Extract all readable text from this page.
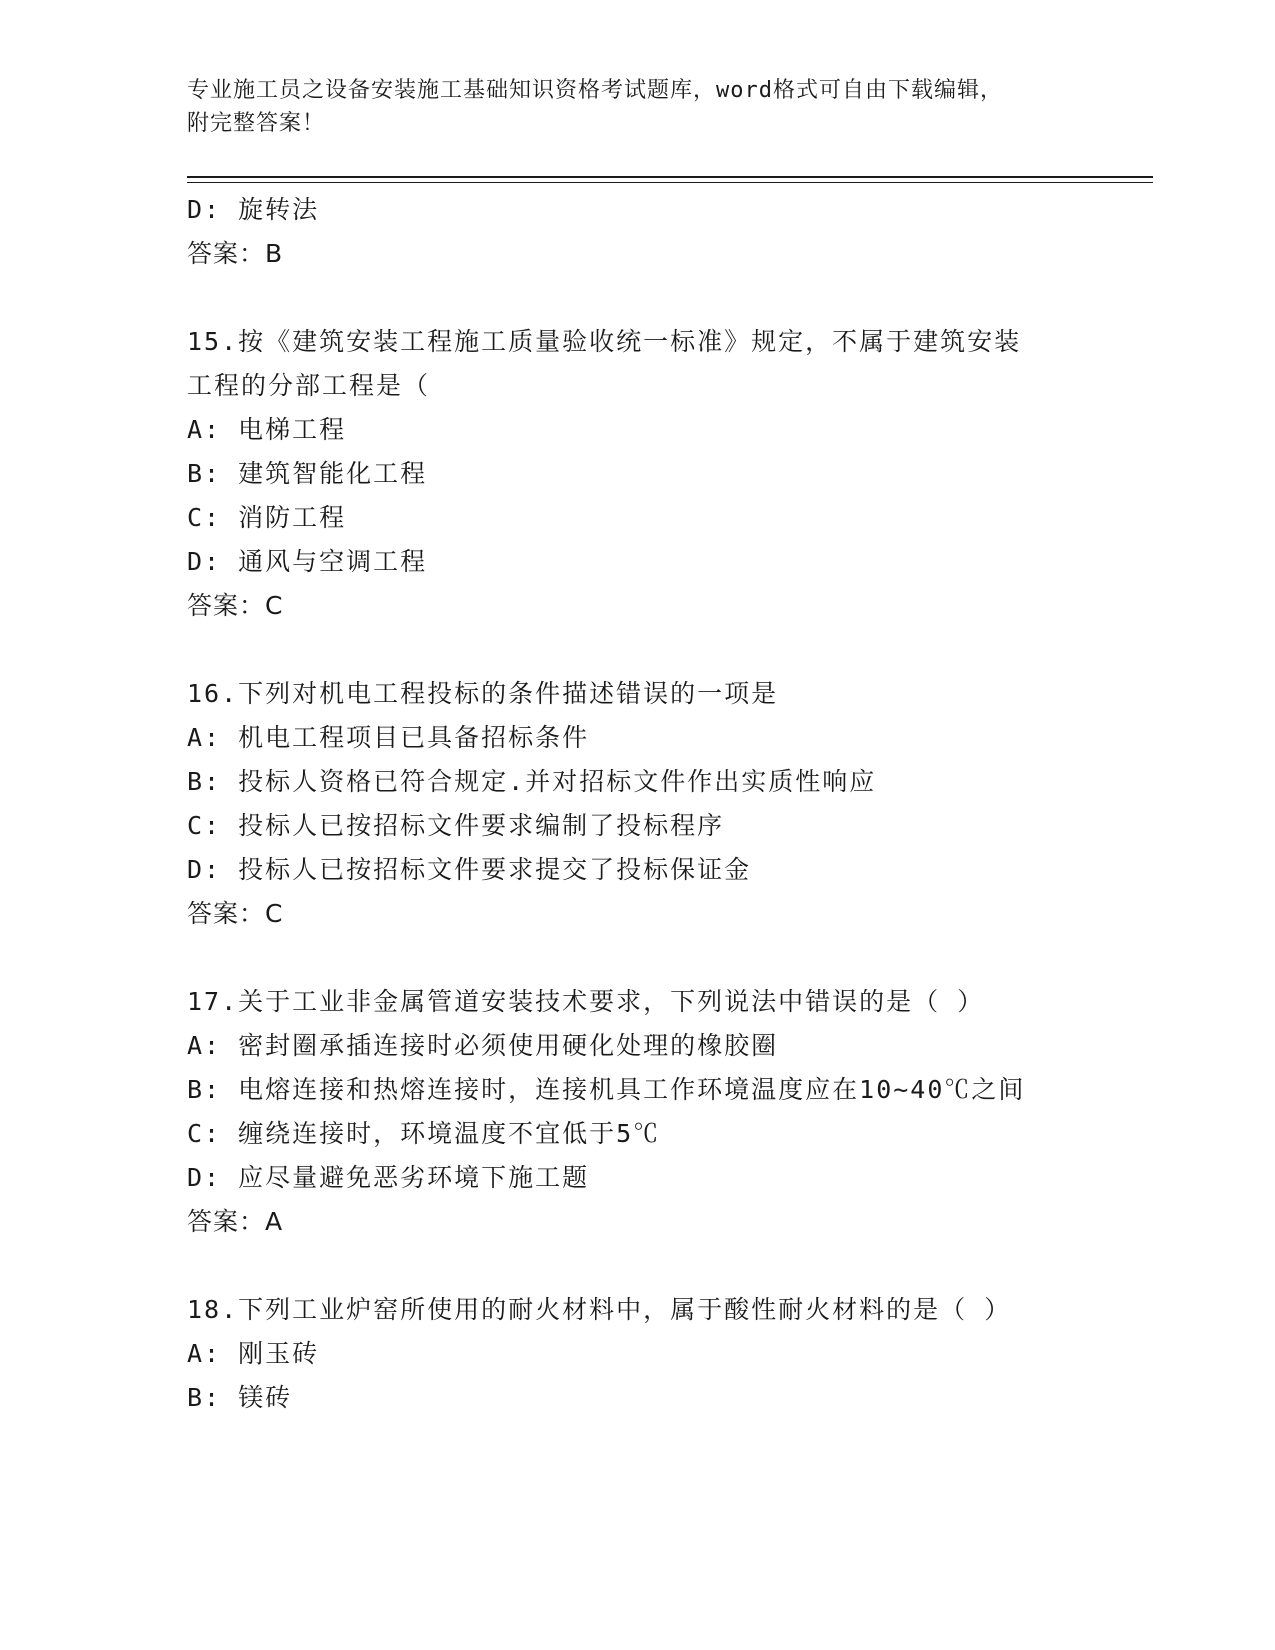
专业施工员之设备安装施工基础知识资格考试题库，word格式可自由下载编辑，
附完整答案！
D: 旋转法
答案：B
15.按《建筑安装工程施工质量验收统一标准》规定，不属于建筑安装
工程的分部工程是（
A: 电梯工程
B: 建筑智能化工程
C: 消防工程
D: 通风与空调工程
答案：C
16.下列对机电工程投标的条件描述错误的一项是
A: 机电工程项目已具备招标条件
B: 投标人资格已符合规定.并对招标文件作出实质性响应
C: 投标人已按招标文件要求编制了投标程序
D: 投标人已按招标文件要求提交了投标保证金
答案：C
17.关于工业非金属管道安装技术要求，下列说法中错误的是（ ）
A: 密封圈承插连接时必须使用硬化处理的橡胶圈
B: 电熔连接和热熔连接时，连接机具工作环境温度应在10~40℃之间
C: 缠绕连接时，环境温度不宜低于5℃
D: 应尽量避免恶劣环境下施工题
答案：A
18.下列工业炉窑所使用的耐火材料中，属于酸性耐火材料的是（ ）
A: 刚玉砖
B: 镁砖
